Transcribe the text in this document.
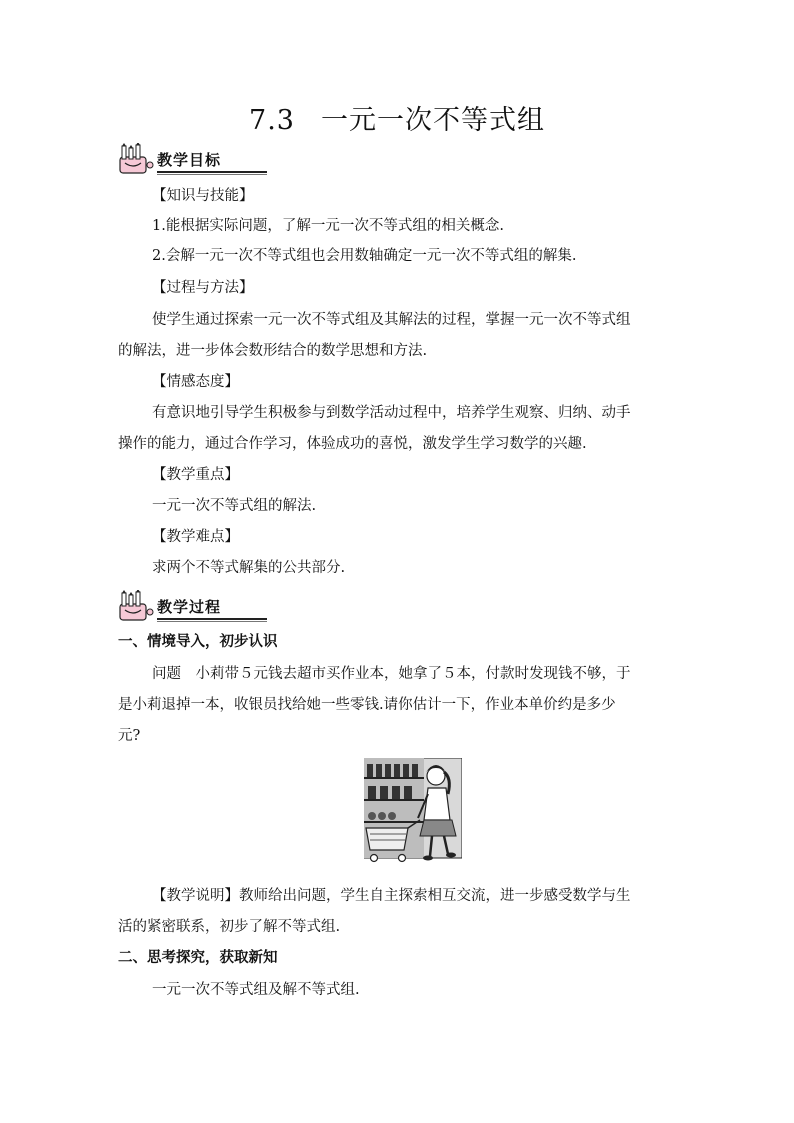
7.3 一元一次不等式组
教学目标
【知识与技能】
1.能根据实际问题，了解一元一次不等式组的相关概念.
2.会解一元一次不等式组也会用数轴确定一元一次不等式组的解集.
【过程与方法】
使学生通过探索一元一次不等式组及其解法的过程，掌握一元一次不等式组
的解法，进一步体会数形结合的数学思想和方法.
【情感态度】
有意识地引导学生积极参与到数学活动过程中，培养学生观察、归纳、动手
操作的能力，通过合作学习，体验成功的喜悦，激发学生学习数学的兴趣.
【教学重点】
一元一次不等式组的解法.
【教学难点】
求两个不等式解集的公共部分.
教学过程
一、情境导入，初步认识
问题　小莉带５元钱去超市买作业本，她拿了５本，付款时发现钱不够，于
是小莉退掉一本，收银员找给她一些零钱.请你估计一下，作业本单价约是多少
元?
【教学说明】教师给出问题，学生自主探索相互交流，进一步感受数学与生
活的紧密联系，初步了解不等式组.
二、思考探究，获取新知
一元一次不等式组及解不等式组.
